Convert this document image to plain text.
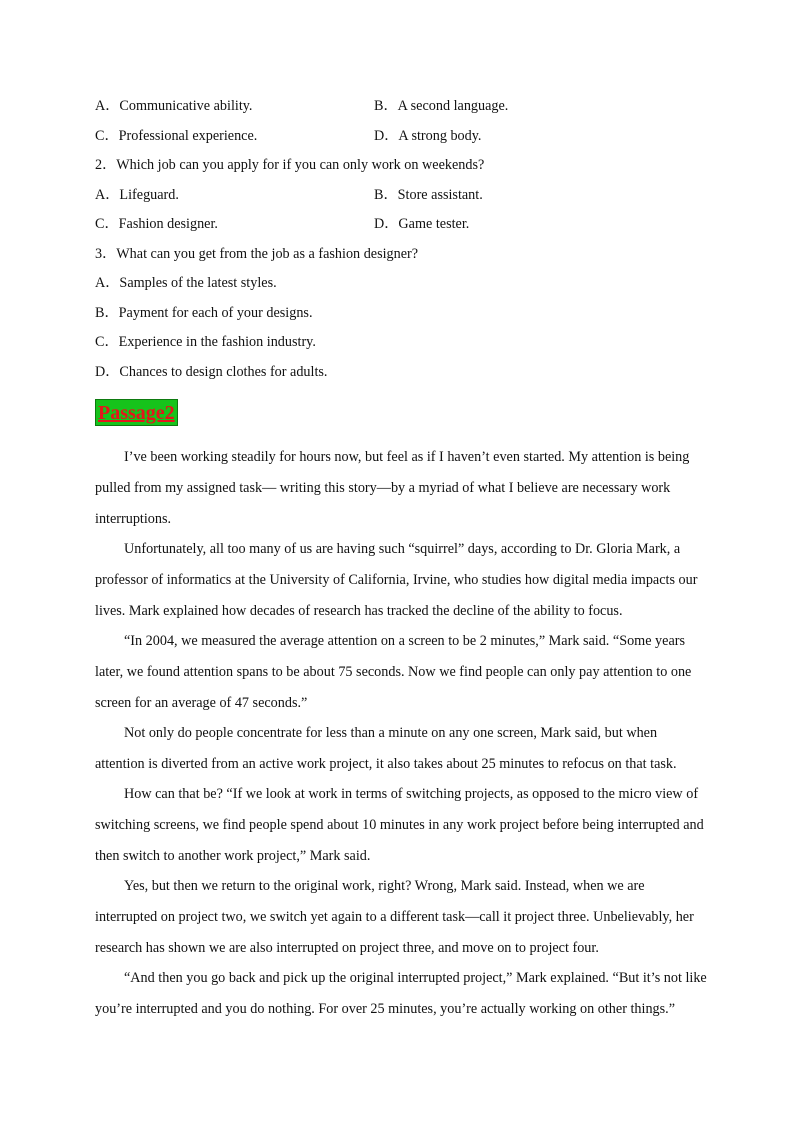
A．Communicative ability.	B．A second language.
C．Professional experience.	D．A strong body.
2．Which job can you apply for if you can only work on weekends?
A．Lifeguard.	B．Store assistant.
C．Fashion designer.	D．Game tester.
3．What can you get from the job as a fashion designer?
A．Samples of the latest styles.
B．Payment for each of your designs.
C．Experience in the fashion industry.
D．Chances to design clothes for adults.
Passage2
I’ve been working steadily for hours now, but feel as if I haven’t even started. My attention is being
pulled from my assigned task— writing this story—by a myriad of what I believe are necessary work
interruptions.
Unfortunately, all too many of us are having such “squirrel” days, according to Dr. Gloria Mark, a
professor of informatics at the University of California, Irvine, who studies how digital media impacts our
lives. Mark explained how decades of research has tracked the decline of the ability to focus.
“In 2004, we measured the average attention on a screen to be 2 minutes,” Mark said. “Some years
later, we found attention spans to be about 75 seconds. Now we find people can only pay attention to one
screen for an average of 47 seconds.”
Not only do people concentrate for less than a minute on any one screen, Mark said, but when
attention is diverted from an active work project, it also takes about 25 minutes to refocus on that task.
How can that be? “If we look at work in terms of switching projects, as opposed to the micro view of
switching screens, we find people spend about 10 minutes in any work project before being interrupted and
then switch to another work project,” Mark said.
Yes, but then we return to the original work, right? Wrong, Mark said. Instead, when we are
interrupted on project two, we switch yet again to a different task—call it project three. Unbelievably, her
research has shown we are also interrupted on project three, and move on to project four.
“And then you go back and pick up the original interrupted project,” Mark explained. “But it’s not like
you’re interrupted and you do nothing. For over 25 minutes, you’re actually working on other things.”
